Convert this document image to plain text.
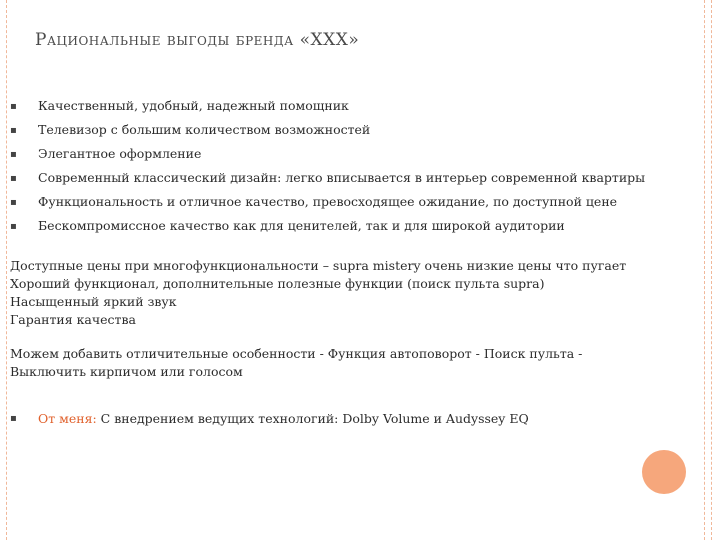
Рациональные выгоды бренда «XXX»
▪ Качественный, удобный, надежный помощник
▪ Телевизор с большим количеством возможностей
▪ Элегантное оформление
▪ Современный классический дизайн: легко вписывается в интерьер современной квартиры
▪ Функциональность и отличное качество, превосходящее ожидание, по доступной цене
▪ Бескомпромиссное качество как для ценителей, так и для широкой аудитории
Доступные цены при многофункциональности – supra mistery очень низкие цены что пугает
Хороший функционал, дополнительные полезные функции (поиск пульта supra)
Насыщенный яркий звук
Гарантия качества
Можем добавить отличительные особенности - Функция автоповорот - Поиск пульта -
Выключить кирпичом или голосом
▪ От меня: С внедрением ведущих технологий: Dolby Volume и Audyssey EQ
